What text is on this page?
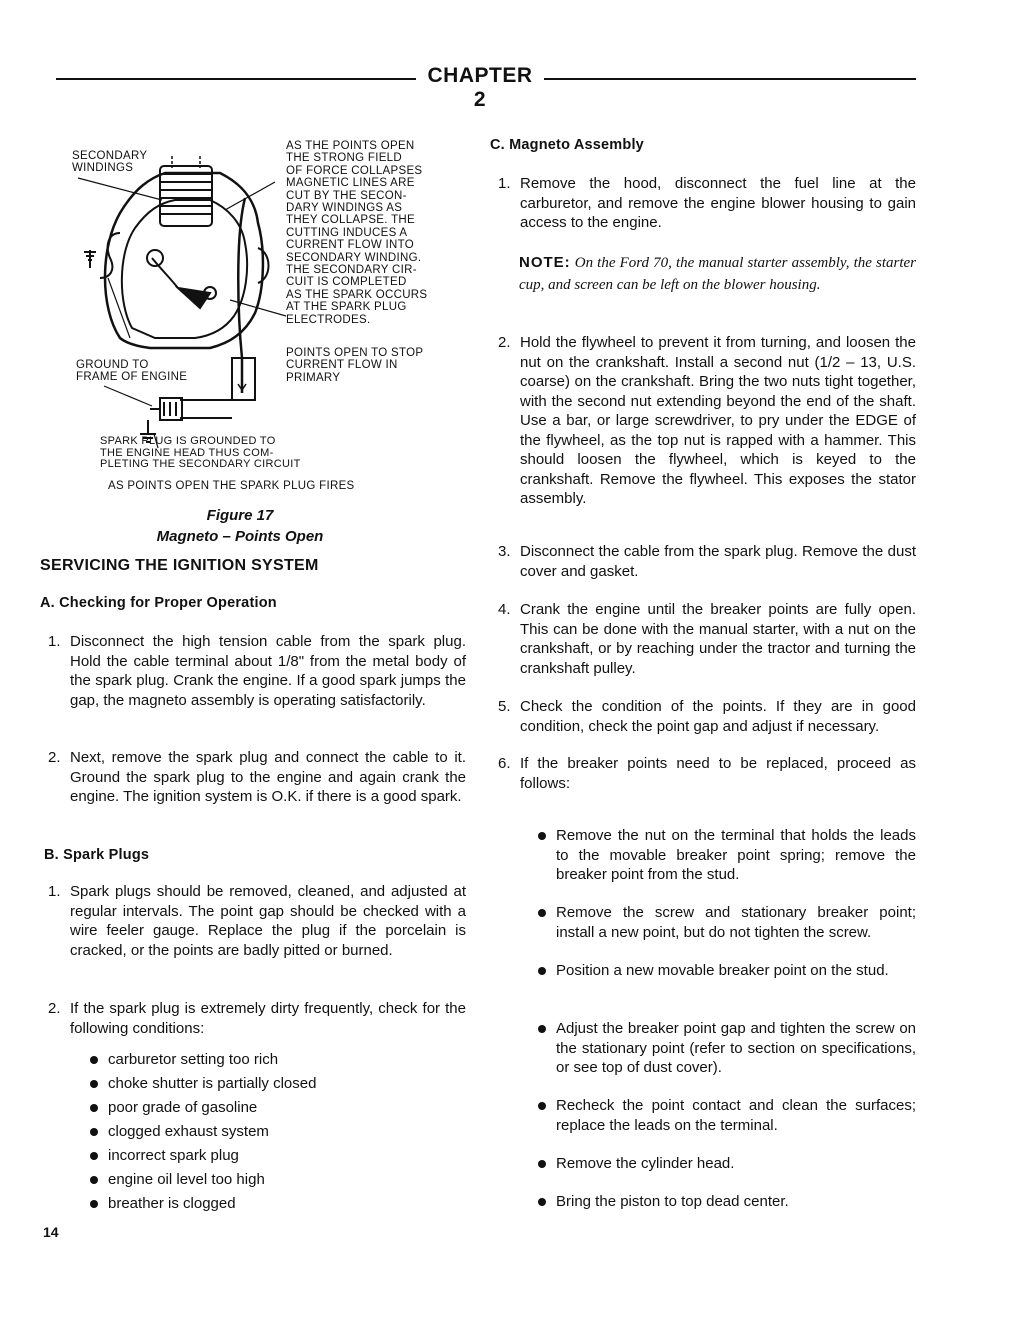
CHAPTER 2
SECONDARY
WINDINGS
AS THE POINTS OPEN
THE STRONG FIELD
OF FORCE COLLAPSES
MAGNETIC LINES ARE
CUT BY THE SECON-
DARY WINDINGS AS
THEY COLLAPSE. THE
CUTTING INDUCES A
CURRENT FLOW INTO
SECONDARY WINDING.
THE SECONDARY CIR-
CUIT IS COMPLETED
AS THE SPARK OCCURS
AT THE SPARK PLUG
ELECTRODES.
POINTS OPEN TO STOP
CURRENT FLOW IN
PRIMARY
GROUND TO
FRAME OF ENGINE
SPARK PLUG IS GROUNDED TO
THE ENGINE HEAD THUS COM-
PLETING THE SECONDARY CIRCUIT
AS POINTS OPEN THE SPARK PLUG FIRES
Figure 17
Magneto – Points Open
SERVICING THE IGNITION SYSTEM
A. Checking for Proper Operation
1. Disconnect the high tension cable from the spark plug. Hold the cable terminal about 1/8" from the metal body of the spark plug. Crank the engine. If a good spark jumps the gap, the magneto assembly is operating satisfactorily.
2. Next, remove the spark plug and connect the cable to it. Ground the spark plug to the engine and again crank the engine. The ignition system is O.K. if there is a good spark.
B. Spark Plugs
1. Spark plugs should be removed, cleaned, and adjusted at regular intervals. The point gap should be checked with a wire feeler gauge. Replace the plug if the porcelain is cracked, or the points are badly pitted or burned.
2. If the spark plug is extremely dirty frequently, check for the following conditions:
carburetor setting too rich
choke shutter is partially closed
poor grade of gasoline
clogged exhaust system
incorrect spark plug
engine oil level too high
breather is clogged
C. Magneto Assembly
1. Remove the hood, disconnect the fuel line at the carburetor, and remove the engine blower housing to gain access to the engine.
NOTE: On the Ford 70, the manual starter assembly, the starter cup, and screen can be left on the blower housing.
2. Hold the flywheel to prevent it from turning, and loosen the nut on the crankshaft. Install a second nut (1/2 – 13, U.S. coarse) on the crankshaft. Bring the two nuts tight together, with the second nut extending beyond the end of the shaft. Use a bar, or large screwdriver, to pry under the EDGE of the flywheel, as the top nut is rapped with a hammer. This should loosen the flywheel, which is keyed to the crankshaft. Remove the flywheel. This exposes the stator assembly.
3. Disconnect the cable from the spark plug. Remove the dust cover and gasket.
4. Crank the engine until the breaker points are fully open. This can be done with the manual starter, with a nut on the crankshaft, or by reaching under the tractor and turning the crankshaft pulley.
5. Check the condition of the points. If they are in good condition, check the point gap and adjust if necessary.
6. If the breaker points need to be replaced, proceed as follows:
Remove the nut on the terminal that holds the leads to the movable breaker point spring; remove the breaker point from the stud.
Remove the screw and stationary breaker point; install a new point, but do not tighten the screw.
Position a new movable breaker point on the stud.
Adjust the breaker point gap and tighten the screw on the stationary point (refer to section on specifications, or see top of dust cover).
Recheck the point contact and clean the surfaces; replace the leads on the terminal.
Remove the cylinder head.
Bring the piston to top dead center.
14
